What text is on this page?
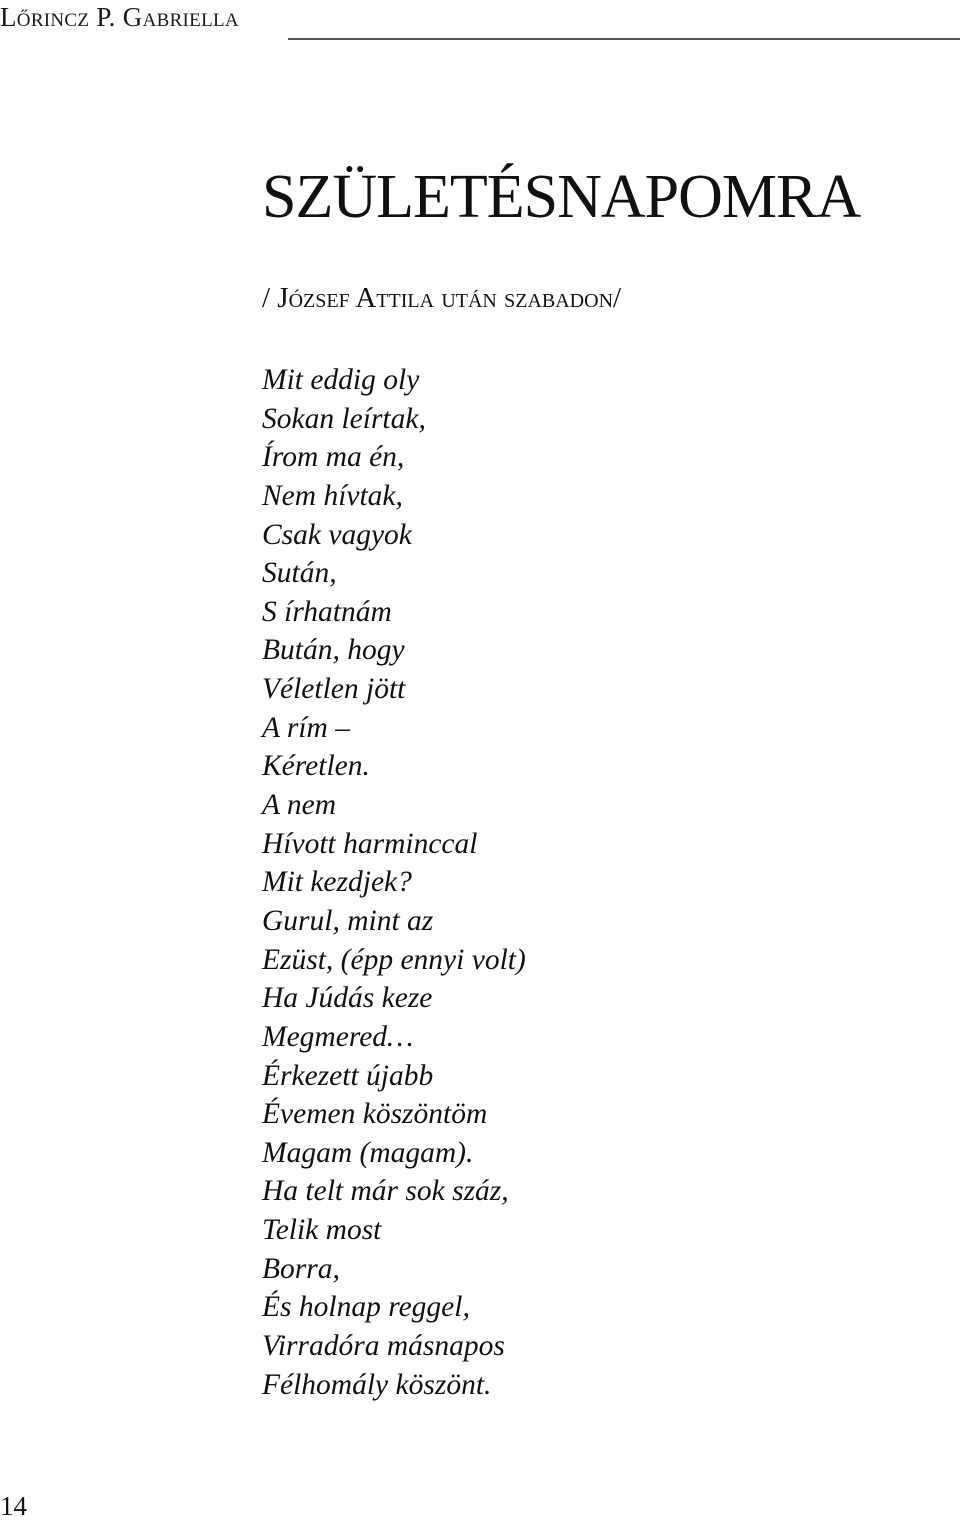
Lőrincz P. Gabriella
SZÜLETÉSNAPOMRA

/ József Attila után szabadon/

Mit eddig oly
Sokan leírtak,
Írom ma én,
Nem hívtak,
Csak vagyok
Sután,
S írhatnám
Bután, hogy
Véletlen jött
A rím –
Kéretlen.
A nem
Hívott harminccal
Mit kezdjek?
Gurul, mint az
Ezüst, (épp ennyi volt)
Ha Júdás keze
Megmered…
Érkezett újabb
Évemen köszöntöm
Magam (magam).
Ha telt már sok száz,
Telik most
Borra,
És holnap reggel,
Virradóra másnapos
Félhomály köszönt.
14
